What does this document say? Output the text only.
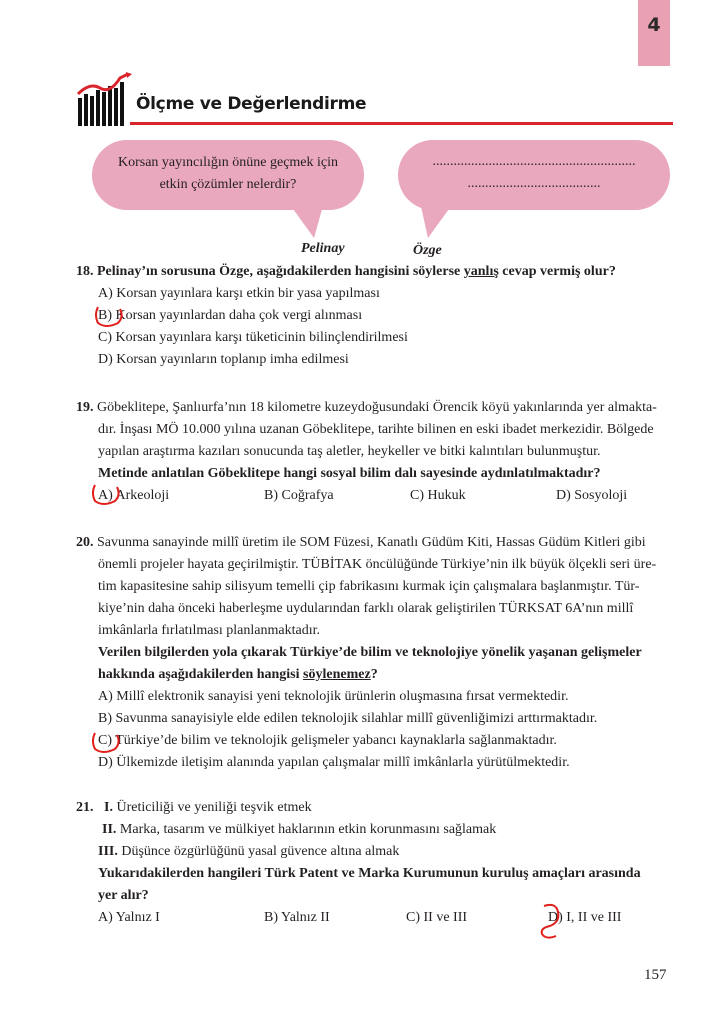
4
Ölçme ve Değerlendirme
Korsan yayıncılığın önüne geçmek için
etkin çözümler nelerdir?
..........................................................
......................................
Pelinay	Özge
18. Pelinay’ın sorusuna Özge, aşağıdakilerden hangisini söylerse yanlış cevap vermiş olur?
A) Korsan yayınlara karşı etkin bir yasa yapılması
B) Korsan yayınlardan daha çok vergi alınması
C) Korsan yayınlara karşı tüketicinin bilinçlendirilmesi
D) Korsan yayınların toplanıp imha edilmesi
19. Göbeklitepe, Şanlıurfa’nın 18 kilometre kuzeydoğusundaki Örencik köyü yakınlarında yer almakta-
dır. İnşası MÖ 10.000 yılına uzanan Göbeklitepe, tarihte bilinen en eski ibadet merkezidir. Bölgede
yapılan araştırma kazıları sonucunda taş aletler, heykeller ve bitki kalıntıları bulunmuştur.
Metinde anlatılan Göbeklitepe hangi sosyal bilim dalı sayesinde aydınlatılmaktadır?
A) Arkeoloji	B) Coğrafya	C) Hukuk	D) Sosyoloji
20. Savunma sanayinde millî üretim ile SOM Füzesi, Kanatlı Güdüm Kiti, Hassas Güdüm Kitleri gibi
önemli projeler hayata geçirilmiştir. TÜBİTAK öncülüğünde Türkiye’nin ilk büyük ölçekli seri üre-
tim kapasitesine sahip silisyum temelli çip fabrikasını kurmak için çalışmalara başlanmıştır. Tür-
kiye’nin daha önceki haberleşme uydularından farklı olarak geliştirilen TÜRKSAT 6A’nın millî
imkânlarla fırlatılması planlanmaktadır.
Verilen bilgilerden yola çıkarak Türkiye’de bilim ve teknolojiye yönelik yaşanan gelişmeler
hakkında aşağıdakilerden hangisi söylenemez?
A) Millî elektronik sanayisi yeni teknolojik ürünlerin oluşmasına fırsat vermektedir.
B) Savunma sanayisiyle elde edilen teknolojik silahlar millî güvenliğimizi arttırmaktadır.
C) Türkiye’de bilim ve teknolojik gelişmeler yabancı kaynaklarla sağlanmaktadır.
D) Ülkemizde iletişim alanında yapılan çalışmalar millî imkânlarla yürütülmektedir.
21. I. Üreticiliği ve yeniliği teşvik etmek
II. Marka, tasarım ve mülkiyet haklarının etkin korunmasını sağlamak
III. Düşünce özgürlüğünü yasal güvence altına almak
Yukarıdakilerden hangileri Türk Patent ve Marka Kurumunun kuruluş amaçları arasında
yer alır?
A) Yalnız I	B) Yalnız II	C) II ve III	D) I, II ve III
157
